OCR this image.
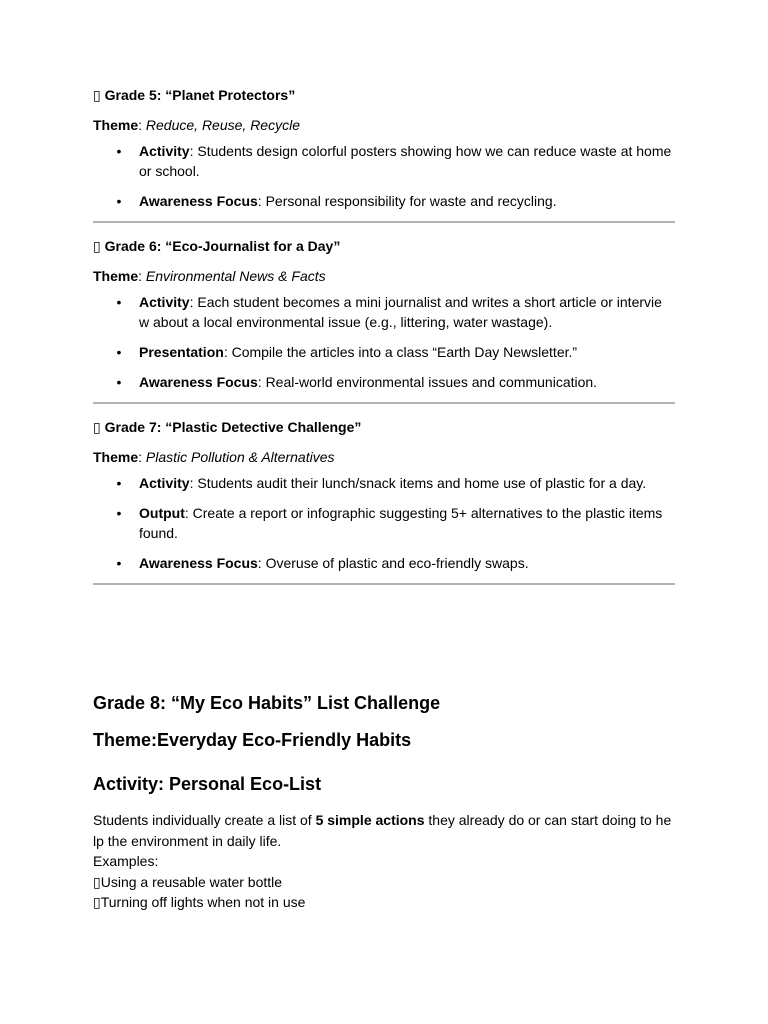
▯ Grade 5: “Planet Protectors”
Theme: Reduce, Reuse, Recycle
• Activity: Students design colorful posters showing how we can reduce waste at home or school.
• Awareness Focus: Personal responsibility for waste and recycling.
▯ Grade 6: “Eco-Journalist for a Day”
Theme: Environmental News & Facts
• Activity: Each student becomes a mini journalist and writes a short article or intervie w about a local environmental issue (e.g., littering, water wastage).
• Presentation: Compile the articles into a class “Earth Day Newsletter.”
• Awareness Focus: Real-world environmental issues and communication.
▯ Grade 7: “Plastic Detective Challenge”
Theme: Plastic Pollution & Alternatives
• Activity: Students audit their lunch/snack items and home use of plastic for a day.
• Output: Create a report or infographic suggesting 5+ alternatives to the plastic items found.
• Awareness Focus: Overuse of plastic and eco-friendly swaps.
Grade 8: “My Eco Habits” List Challenge
Theme:Everyday Eco-Friendly Habits
Activity: Personal Eco-List

Students individually create a list of 5 simple actions they already do or can start doing to he lp the environment in daily life.

Examples:

▯Using a reusable water bottle

▯Turning off lights when not in use
